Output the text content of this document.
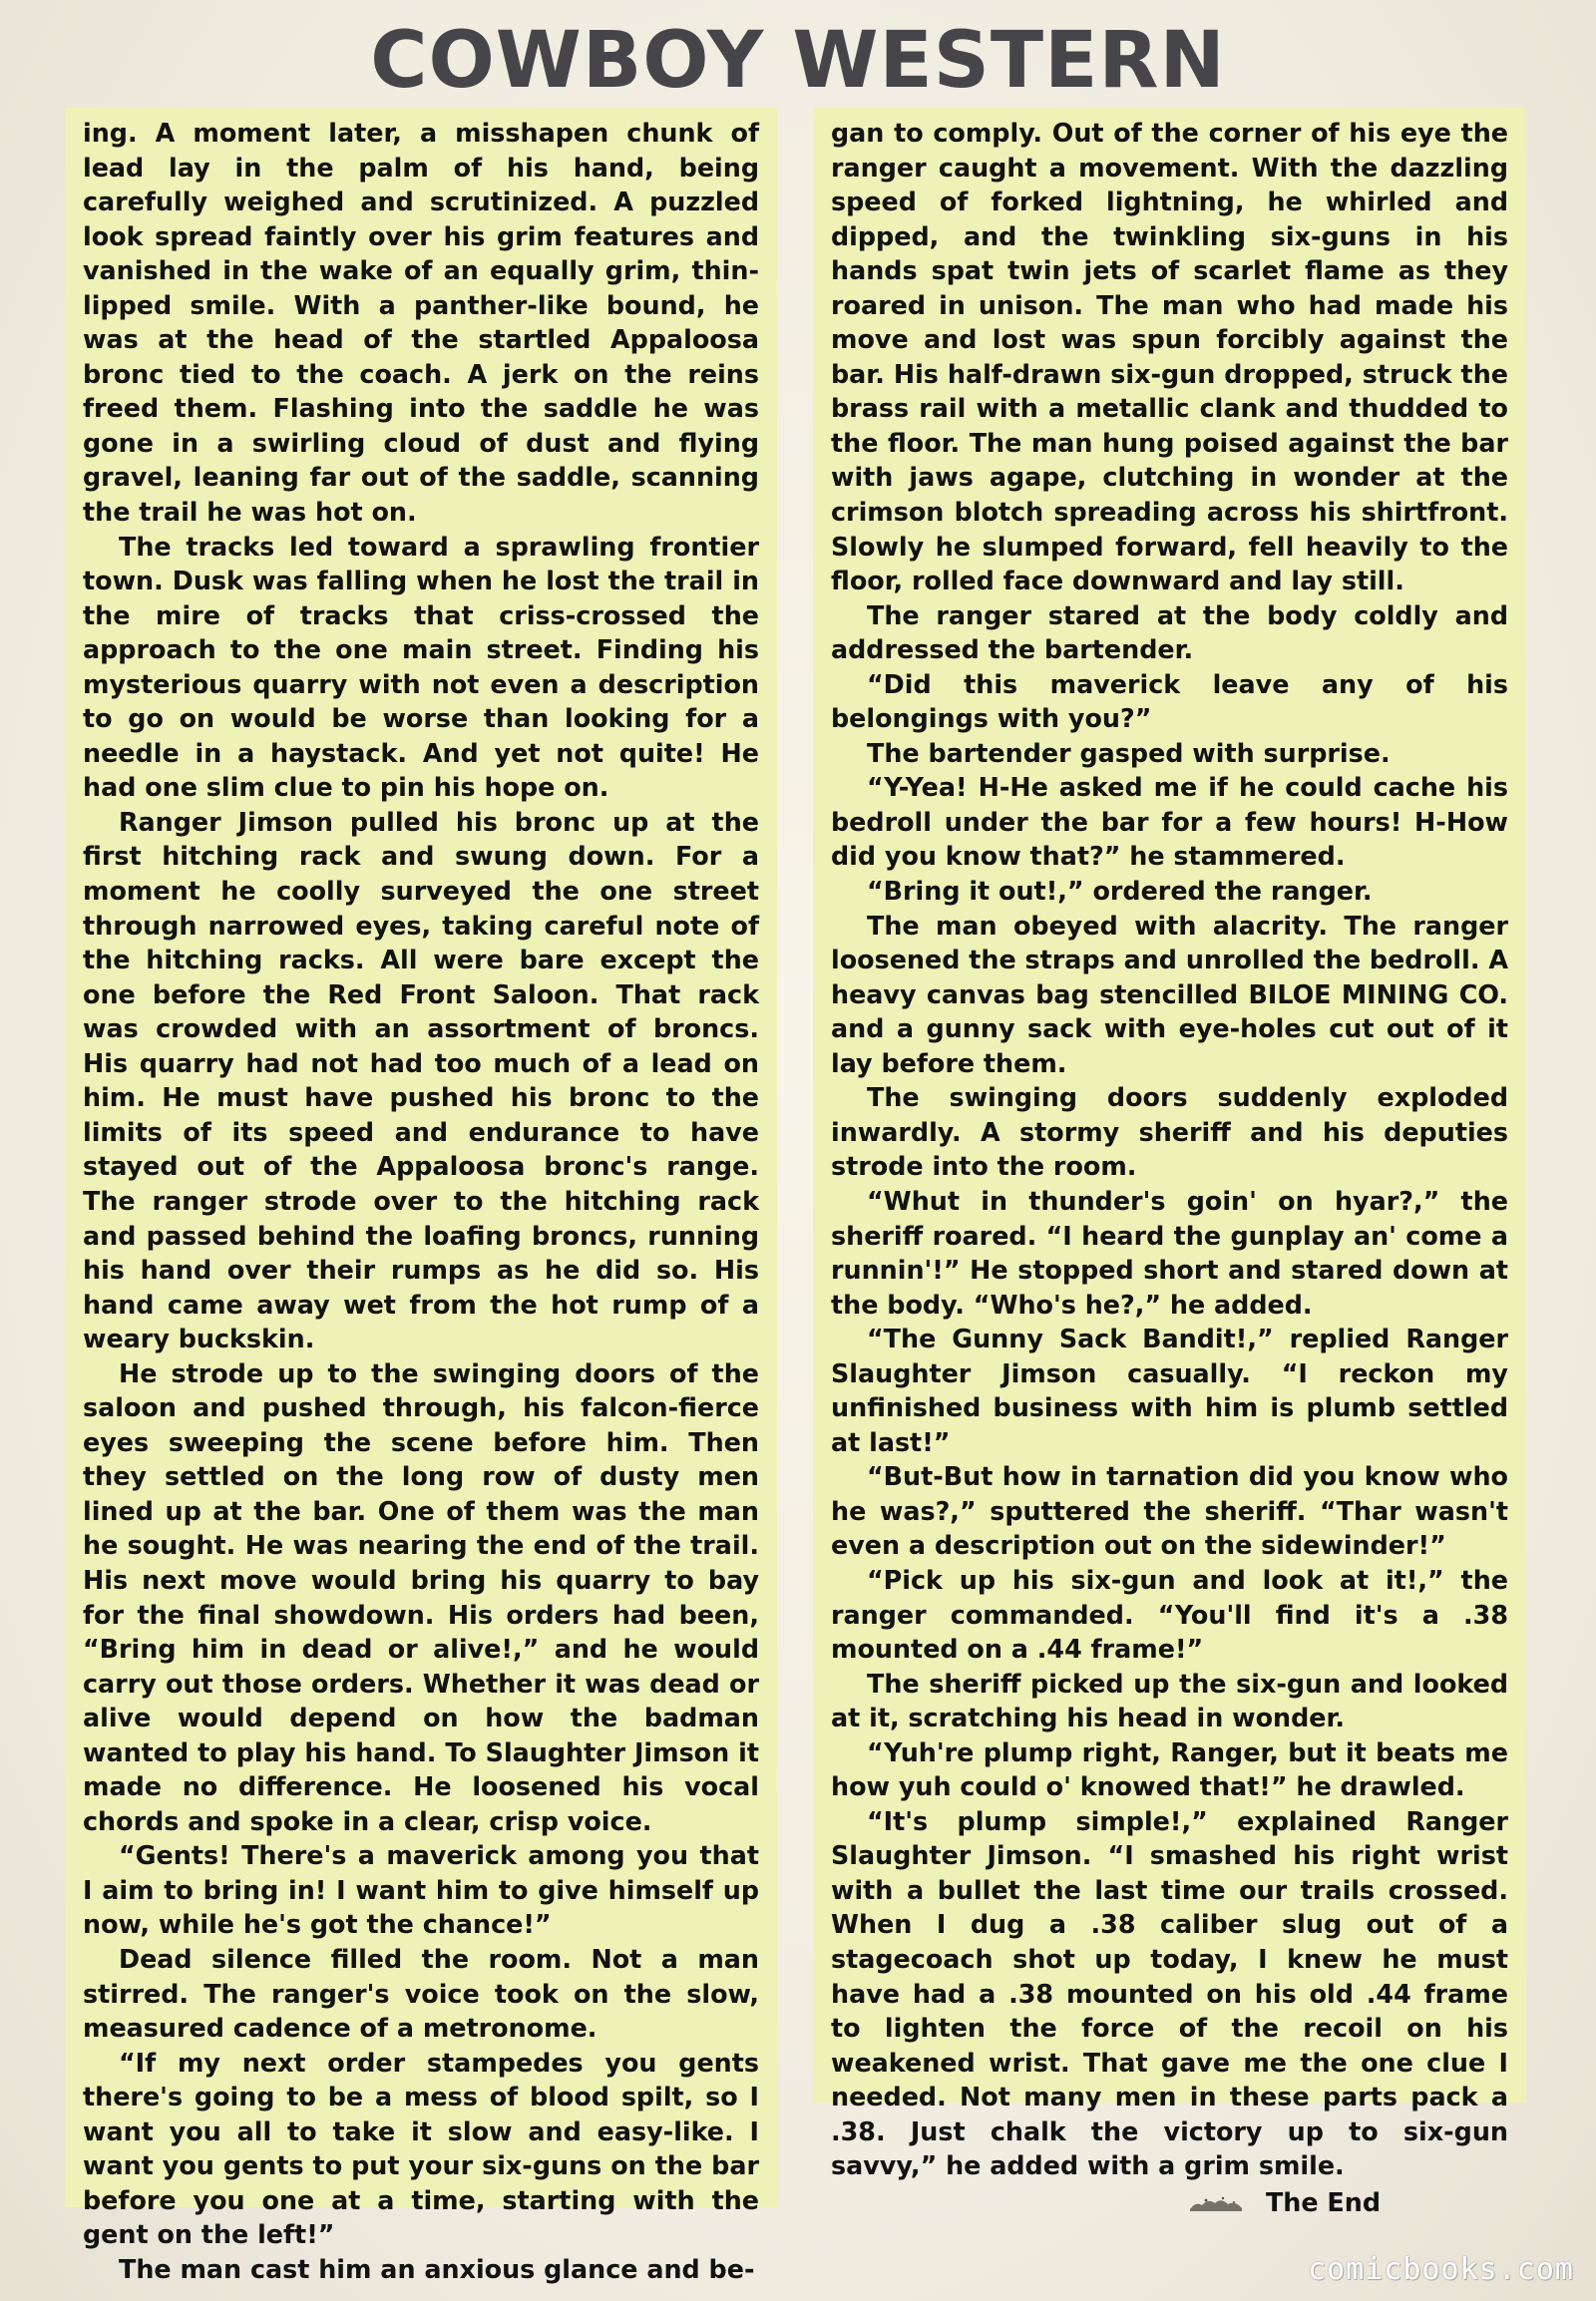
COWBOY WESTERN

ing. A moment later, a misshapen chunk of lead lay in the palm of his hand, being carefully weighed and scrutinized. A puzzled look spread faintly over his grim features and vanished in the wake of an equally grim, thin-lipped smile. With a panther-like bound, he was at the head of the startled Appaloosa bronc tied to the coach. A jerk on the reins freed them. Flashing into the saddle he was gone in a swirling cloud of dust and flying gravel, leaning far out of the saddle, scanning the trail he was hot on.

The tracks led toward a sprawling frontier town. Dusk was falling when he lost the trail in the mire of tracks that criss-crossed the approach to the one main street. Finding his mysterious quarry with not even a description to go on would be worse than looking for a needle in a haystack. And yet not quite! He had one slim clue to pin his hope on.

Ranger Jimson pulled his bronc up at the first hitching rack and swung down. For a moment he coolly surveyed the one street through narrowed eyes, taking careful note of the hitching racks. All were bare except the one before the Red Front Saloon. That rack was crowded with an assortment of broncs. His quarry had not had too much of a lead on him. He must have pushed his bronc to the limits of its speed and endurance to have stayed out of the Appaloosa bronc's range. The ranger strode over to the hitching rack and passed behind the loafing broncs, running his hand over their rumps as he did so. His hand came away wet from the hot rump of a weary buckskin.

He strode up to the swinging doors of the saloon and pushed through, his falcon-fierce eyes sweeping the scene before him. Then they settled on the long row of dusty men lined up at the bar. One of them was the man he sought. He was nearing the end of the trail. His next move would bring his quarry to bay for the final showdown. His orders had been, “Bring him in dead or alive!,” and he would carry out those orders. Whether it was dead or alive would depend on how the badman wanted to play his hand. To Slaughter Jimson it made no difference. He loosened his vocal chords and spoke in a clear, crisp voice.

“Gents! There's a maverick among you that I aim to bring in! I want him to give himself up now, while he's got the chance!”

Dead silence filled the room. Not a man stirred. The ranger's voice took on the slow, measured cadence of a metronome.

“If my next order stampedes you gents there's going to be a mess of blood spilt, so I want you all to take it slow and easy-like. I want you gents to put your six-guns on the bar before you one at a time, starting with the gent on the left!”

The man cast him an anxious glance and be-

gan to comply. Out of the corner of his eye the ranger caught a movement. With the dazzling speed of forked lightning, he whirled and dipped, and the twinkling six-guns in his hands spat twin jets of scarlet flame as they roared in unison. The man who had made his move and lost was spun forcibly against the bar. His half-drawn six-gun dropped, struck the brass rail with a metallic clank and thudded to the floor. The man hung poised against the bar with jaws agape, clutching in wonder at the crimson blotch spreading across his shirtfront. Slowly he slumped forward, fell heavily to the floor, rolled face downward and lay still.

The ranger stared at the body coldly and addressed the bartender.

“Did this maverick leave any of his belongings with you?”

The bartender gasped with surprise.

“Y-Yea! H-He asked me if he could cache his bedroll under the bar for a few hours! H-How did you know that?” he stammered.

“Bring it out!,” ordered the ranger.

The man obeyed with alacrity. The ranger loosened the straps and unrolled the bedroll. A heavy canvas bag stencilled BILOE MINING CO. and a gunny sack with eye-holes cut out of it lay before them.

The swinging doors suddenly exploded inwardly. A stormy sheriff and his deputies strode into the room.

“Whut in thunder's goin' on hyar?,” the sheriff roared. “I heard the gunplay an' come a runnin'!” He stopped short and stared down at the body. “Who's he?,” he added.

“The Gunny Sack Bandit!,” replied Ranger Slaughter Jimson casually. “I reckon my unfinished business with him is plumb settled at last!”

“But-But how in tarnation did you know who he was?,” sputtered the sheriff. “Thar wasn't even a description out on the sidewinder!”

“Pick up his six-gun and look at it!,” the ranger commanded. “You'll find it's a .38 mounted on a .44 frame!”

The sheriff picked up the six-gun and looked at it, scratching his head in wonder.

“Yuh're plump right, Ranger, but it beats me how yuh could o' knowed that!” he drawled.

“It's plump simple!,” explained Ranger Slaughter Jimson. “I smashed his right wrist with a bullet the last time our trails crossed. When I dug a .38 caliber slug out of a stagecoach shot up today, I knew he must have had a .38 mounted on his old .44 frame to lighten the force of the recoil on his weakened wrist. That gave me the one clue I needed. Not many men in these parts pack a .38. Just chalk the victory up to six-gun savvy,” he added with a grim smile.

The End
comicbooks.com
